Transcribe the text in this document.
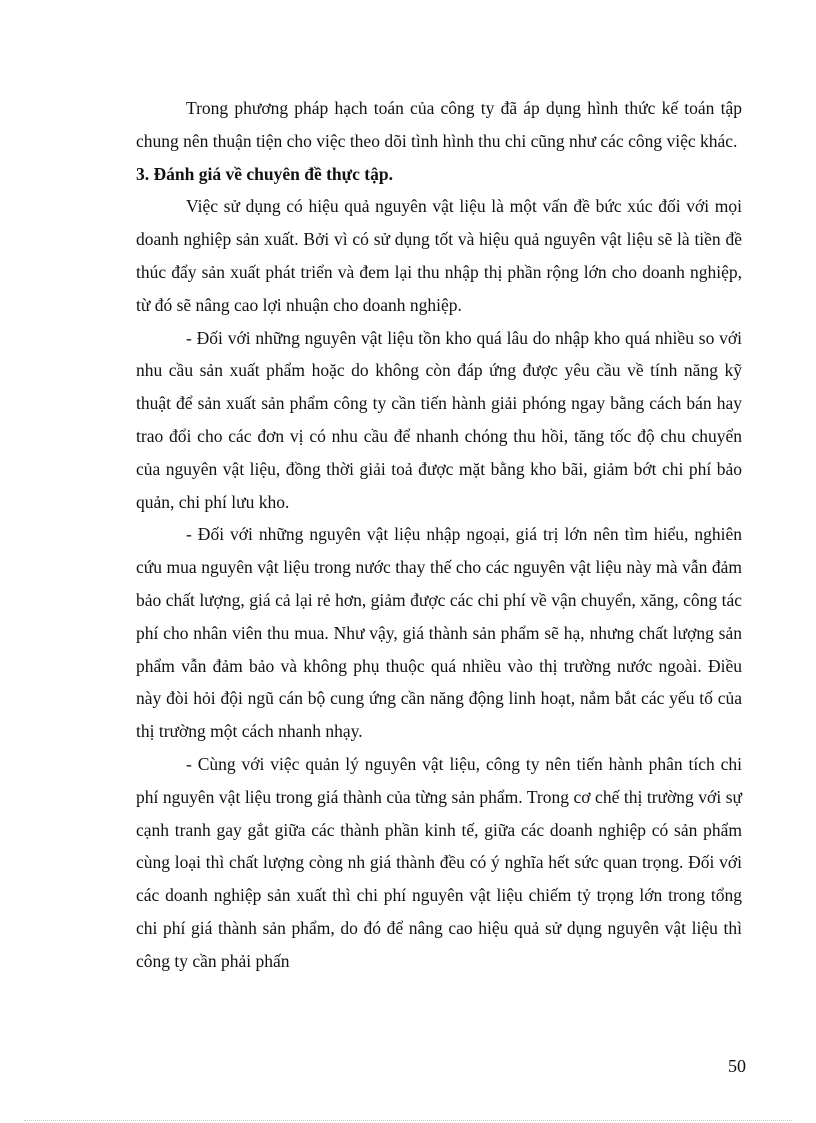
Trong phương pháp hạch toán của công ty đã áp dụng hình thức kế toán tập chung nên thuận tiện cho việc theo dõi tình hình thu chi cũng như các công việc khác.

3. Đánh giá về chuyên đề thực tập.

Việc sử dụng có hiệu quả nguyên vật liệu là một vấn đề bức xúc đối với mọi doanh nghiệp sản xuất. Bởi vì có sử dụng tốt và hiệu quả nguyên vật liệu sẽ là tiền đề thúc đẩy sản xuất phát triển và đem lại thu nhập thị phần rộng lớn cho doanh nghiệp, từ đó sẽ nâng cao lợi nhuận cho doanh nghiệp.

- Đối với những nguyên vật liệu tồn kho quá lâu do nhập kho quá nhiều so với nhu cầu sản xuất phẩm hoặc do không còn đáp ứng được yêu cầu về tính năng kỹ thuật để sản xuất sản phẩm công ty cần tiến hành giải phóng ngay bằng cách bán hay trao đổi cho các đơn vị có nhu cầu để nhanh chóng thu hồi, tăng tốc độ chu chuyển của nguyên vật liệu, đồng thời giải toả được mặt bằng kho bãi, giảm bớt chi phí bảo quản, chi phí lưu kho.

- Đối với những nguyên vật liệu nhập ngoại, giá trị lớn nên tìm hiểu, nghiên cứu mua nguyên vật liệu trong nước thay thế cho các nguyên vật liệu này mà vẫn đảm bảo chất lượng, giá cả lại rẻ hơn, giảm được các chi phí về vận chuyển, xăng, công tác phí cho nhân viên thu mua. Như vậy, giá thành sản phẩm sẽ hạ, nhưng chất lượng sản phẩm vẫn đảm bảo và không phụ thuộc quá nhiều vào thị trường nước ngoài. Điều này đòi hỏi đội ngũ cán bộ cung ứng cần năng động linh hoạt, nắm bắt các yếu tố của thị trường một cách nhanh nhạy.

- Cùng với việc quản lý nguyên vật liệu, công ty nên tiến hành phân tích chi phí nguyên vật liệu trong giá thành của từng sản phẩm. Trong cơ chế thị trường với sự cạnh tranh gay gắt giữa các thành phần kinh tế, giữa các doanh nghiệp có sản phẩm cùng loại thì chất lượng còng nh giá thành đều có ý nghĩa hết sức quan trọng. Đối với các doanh nghiệp sản xuất thì chi phí nguyên vật liệu chiếm tỷ trọng lớn trong tổng chi phí giá thành sản phẩm, do đó để nâng cao hiệu quả sử dụng nguyên vật liệu thì công ty cần phải phấn

50
